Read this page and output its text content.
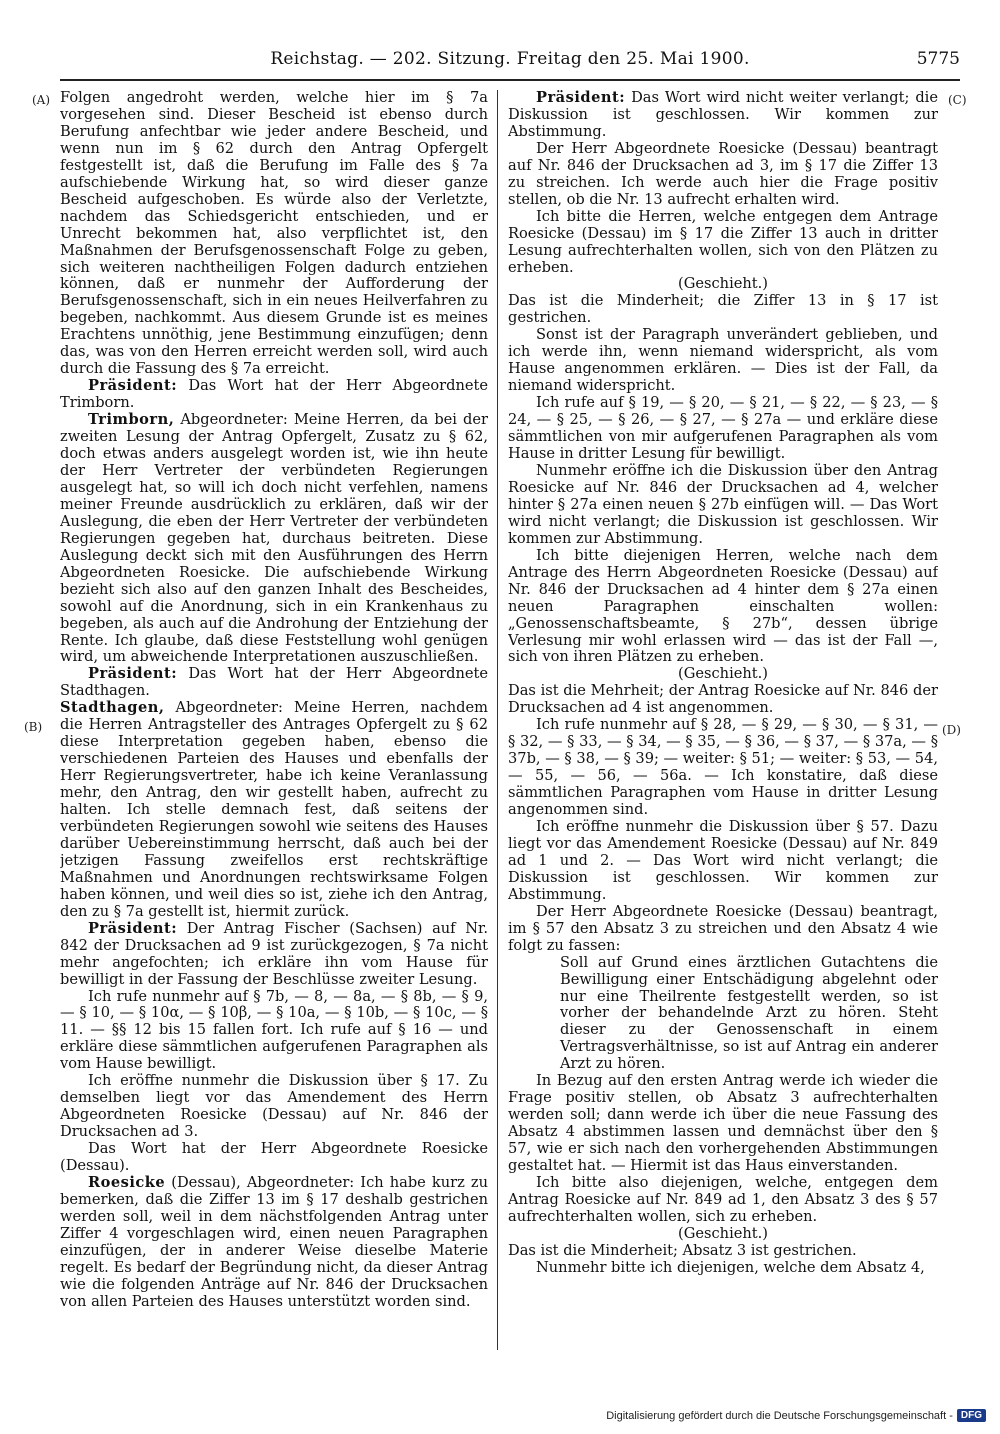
Reichstag. — 202. Sitzung. Freitag den 25. Mai 1900.	5775
(A)
(B)
(C)
(D)

Folgen angedroht werden, welche hier im § 7a vorgesehen sind. Dieser Bescheid ist ebenso durch Berufung anfechtbar wie jeder andere Bescheid, und wenn nun im § 62 durch den Antrag Opfergelt festgestellt ist, daß die Berufung im Falle des § 7a aufschiebende Wirkung hat, so wird dieser ganze Bescheid aufgeschoben. Es würde also der Verletzte, nachdem das Schiedsgericht entschieden, und er Unrecht bekommen hat, also verpflichtet ist, den Maßnahmen der Berufsgenossenschaft Folge zu geben, sich weiteren nachtheiligen Folgen dadurch entziehen können, daß er nunmehr der Aufforderung der Berufsgenossenschaft, sich in ein neues Heilverfahren zu begeben, nachkommt. Aus diesem Grunde ist es meines Erachtens unnöthig, jene Bestimmung einzufügen; denn das, was von den Herren erreicht werden soll, wird auch durch die Fassung des § 7a erreicht.

Präsident: Das Wort hat der Herr Abgeordnete Trimborn.

Trimborn, Abgeordneter: Meine Herren, da bei der zweiten Lesung der Antrag Opfergelt, Zusatz zu § 62, doch etwas anders ausgelegt worden ist, wie ihn heute der Herr Vertreter der verbündeten Regierungen ausgelegt hat, so will ich doch nicht verfehlen, namens meiner Freunde ausdrücklich zu erklären, daß wir der Auslegung, die eben der Herr Vertreter der verbündeten Regierungen gegeben hat, durchaus beitreten. Diese Auslegung deckt sich mit den Ausführungen des Herrn Abgeordneten Roesicke. Die aufschiebende Wirkung bezieht sich also auf den ganzen Inhalt des Bescheides, sowohl auf die Anordnung, sich in ein Krankenhaus zu begeben, als auch auf die Androhung der Entziehung der Rente. Ich glaube, daß diese Feststellung wohl genügen wird, um abweichende Interpretationen auszuschließen.

Präsident: Das Wort hat der Herr Abgeordnete Stadthagen.

Stadthagen, Abgeordneter: Meine Herren, nachdem die Herren Antragsteller des Antrages Opfergelt zu § 62 diese Interpretation gegeben haben, ebenso die verschiedenen Parteien des Hauses und ebenfalls der Herr Regierungsvertreter, habe ich keine Veranlassung mehr, den Antrag, den wir gestellt haben, aufrecht zu halten. Ich stelle demnach fest, daß seitens der verbündeten Regierungen sowohl wie seitens des Hauses darüber Uebereinstimmung herrscht, daß auch bei der jetzigen Fassung zweifellos erst rechtskräftige Maßnahmen und Anordnungen rechtswirksame Folgen haben können, und weil dies so ist, ziehe ich den Antrag, den zu § 7a gestellt ist, hiermit zurück.

Präsident: Der Antrag Fischer (Sachsen) auf Nr. 842 der Drucksachen ad 9 ist zurückgezogen, § 7a nicht mehr angefochten; ich erkläre ihn vom Hause für bewilligt in der Fassung der Beschlüsse zweiter Lesung.

Ich rufe nunmehr auf § 7b, — 8, — 8a, — § 8b, — § 9, — § 10, — § 10α, — § 10β, — § 10a, — § 10b, — § 10c, — § 11. — §§ 12 bis 15 fallen fort. Ich rufe auf § 16 — und erkläre diese sämmtlichen aufgerufenen Paragraphen als vom Hause bewilligt.

Ich eröffne nunmehr die Diskussion über § 17. Zu demselben liegt vor das Amendement des Herrn Abgeordneten Roesicke (Dessau) auf Nr. 846 der Drucksachen ad 3.

Das Wort hat der Herr Abgeordnete Roesicke (Dessau).

Roesicke (Dessau), Abgeordneter: Ich habe kurz zu bemerken, daß die Ziffer 13 im § 17 deshalb gestrichen werden soll, weil in dem nächstfolgenden Antrag unter Ziffer 4 vorgeschlagen wird, einen neuen Paragraphen einzufügen, der in anderer Weise dieselbe Materie regelt. Es bedarf der Begründung nicht, da dieser Antrag wie die folgenden Anträge auf Nr. 846 der Drucksachen von allen Parteien des Hauses unterstützt worden sind.

Präsident: Das Wort wird nicht weiter verlangt; die Diskussion ist geschlossen. Wir kommen zur Abstimmung.

Der Herr Abgeordnete Roesicke (Dessau) beantragt auf Nr. 846 der Drucksachen ad 3, im § 17 die Ziffer 13 zu streichen. Ich werde auch hier die Frage positiv stellen, ob die Nr. 13 aufrecht erhalten wird.

Ich bitte die Herren, welche entgegen dem Antrage Roesicke (Dessau) im § 17 die Ziffer 13 auch in dritter Lesung aufrechterhalten wollen, sich von den Plätzen zu erheben.

(Geschieht.)

Das ist die Minderheit; die Ziffer 13 in § 17 ist gestrichen.

Sonst ist der Paragraph unverändert geblieben, und ich werde ihn, wenn niemand widerspricht, als vom Hause angenommen erklären. — Dies ist der Fall, da niemand widerspricht.

Ich rufe auf § 19, — § 20, — § 21, — § 22, — § 23, — § 24, — § 25, — § 26, — § 27, — § 27a — und erkläre diese sämmtlichen von mir aufgerufenen Paragraphen als vom Hause in dritter Lesung für bewilligt.

Nunmehr eröffne ich die Diskussion über den Antrag Roesicke auf Nr. 846 der Drucksachen ad 4, welcher hinter § 27a einen neuen § 27b einfügen will. — Das Wort wird nicht verlangt; die Diskussion ist geschlossen. Wir kommen zur Abstimmung.

Ich bitte diejenigen Herren, welche nach dem Antrage des Herrn Abgeordneten Roesicke (Dessau) auf Nr. 846 der Drucksachen ad 4 hinter dem § 27a einen neuen Paragraphen einschalten wollen: „Genossenschaftsbeamte, § 27b“, dessen übrige Verlesung mir wohl erlassen wird — das ist der Fall —, sich von ihren Plätzen zu erheben.

(Geschieht.)

Das ist die Mehrheit; der Antrag Roesicke auf Nr. 846 der Drucksachen ad 4 ist angenommen.

Ich rufe nunmehr auf § 28, — § 29, — § 30, — § 31, — § 32, — § 33, — § 34, — § 35, — § 36, — § 37, — § 37a, — § 37b, — § 38, — § 39; — weiter: § 51; — weiter: § 53, — 54, — 55, — 56, — 56a. — Ich konstatire, daß diese sämmtlichen Paragraphen vom Hause in dritter Lesung angenommen sind.

Ich eröffne nunmehr die Diskussion über § 57. Dazu liegt vor das Amendement Roesicke (Dessau) auf Nr. 849 ad 1 und 2. — Das Wort wird nicht verlangt; die Diskussion ist geschlossen. Wir kommen zur Abstimmung.

Der Herr Abgeordnete Roesicke (Dessau) beantragt, im § 57 den Absatz 3 zu streichen und den Absatz 4 wie folgt zu fassen:

Soll auf Grund eines ärztlichen Gutachtens die Bewilligung einer Entschädigung abgelehnt oder nur eine Theilrente festgestellt werden, so ist vorher der behandelnde Arzt zu hören. Steht dieser zu der Genossenschaft in einem Vertragsverhältnisse, so ist auf Antrag ein anderer Arzt zu hören.

In Bezug auf den ersten Antrag werde ich wieder die Frage positiv stellen, ob Absatz 3 aufrechterhalten werden soll; dann werde ich über die neue Fassung des Absatz 4 abstimmen lassen und demnächst über den § 57, wie er sich nach den vorhergehenden Abstimmungen gestaltet hat. — Hiermit ist das Haus einverstanden.

Ich bitte also diejenigen, welche, entgegen dem Antrag Roesicke auf Nr. 849 ad 1, den Absatz 3 des § 57 aufrechterhalten wollen, sich zu erheben.

(Geschieht.)

Das ist die Minderheit; Absatz 3 ist gestrichen.

Nunmehr bitte ich diejenigen, welche dem Absatz 4,

Digitalisierung gefördert durch die Deutsche Forschungsgemeinschaft - DFG
